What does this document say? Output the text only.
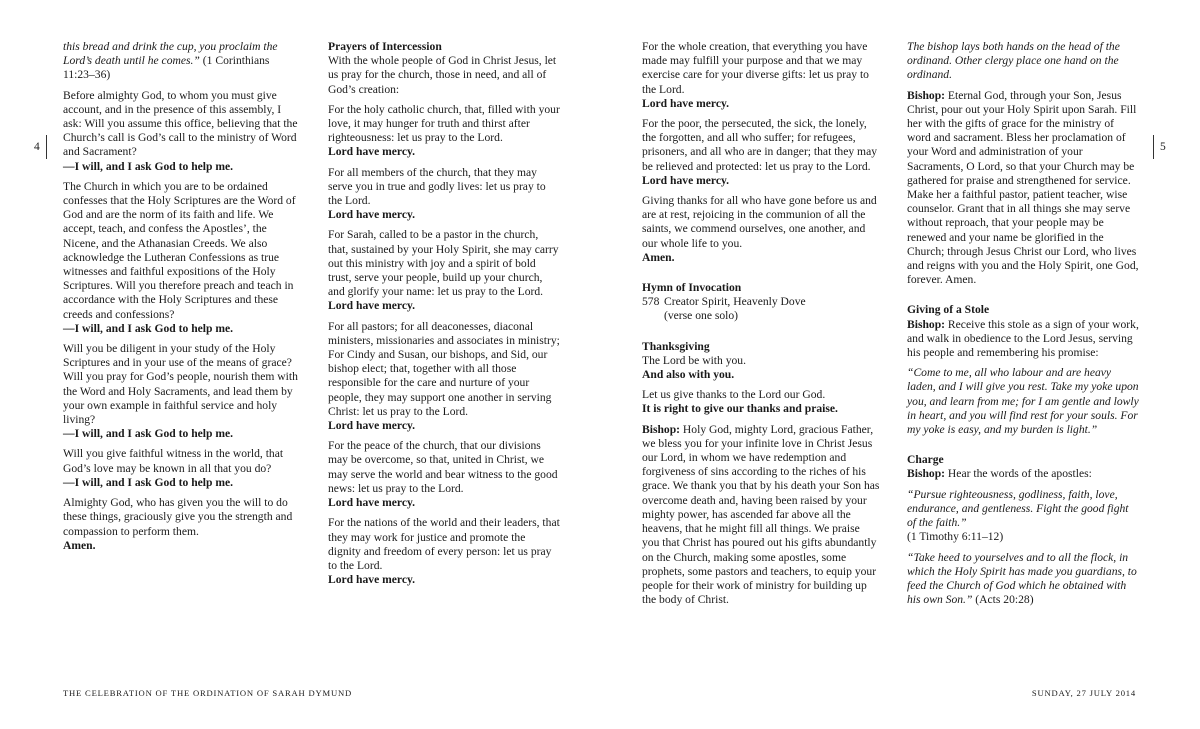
4	5

this bread and drink the cup, you proclaim the Lord’s death until he comes.” (1 Corinthians 11:23–36)

Before almighty God, to whom you must give account, and in the presence of this assembly, I ask: Will you assume this office, believing that the Church’s call is God’s call to the ministry of Word and Sacrament?
—I will, and I ask God to help me.

The Church in which you are to be ordained confesses that the Holy Scriptures are the Word of God and are the norm of its faith and life. We accept, teach, and confess the Apostles’, the Nicene, and the Athanasian Creeds. We also acknowledge the Lutheran Confessions as true witnesses and faithful expositions of the Holy Scriptures. Will you therefore preach and teach in accordance with the Holy Scriptures and these creeds and confessions?
—I will, and I ask God to help me.

Will you be diligent in your study of the Holy Scriptures and in your use of the means of grace? Will you pray for God’s people, nourish them with the Word and Holy Sacraments, and lead them by your own example in faithful service and holy living?
—I will, and I ask God to help me.

Will you give faithful witness in the world, that God’s love may be known in all that you do?
—I will, and I ask God to help me.

Almighty God, who has given you the will to do these things, graciously give you the strength and compassion to perform them.
Amen.

Prayers of Intercession
With the whole people of God in Christ Jesus, let us pray for the church, those in need, and all of God’s creation:

For the holy catholic church, that, filled with your love, it may hunger for truth and thirst after righteousness: let us pray to the Lord.
Lord have mercy.

For all members of the church, that they may serve you in true and godly lives: let us pray to the Lord.
Lord have mercy.

For Sarah, called to be a pastor in the church, that, sustained by your Holy Spirit, she may carry out this ministry with joy and a spirit of bold trust, serve your people, build up your church, and glorify your name: let us pray to the Lord.
Lord have mercy.

For all pastors; for all deaconesses, diaconal ministers, missionaries and associates in ministry; For Cindy and Susan, our bishops, and Sid, our bishop elect; that, together with all those responsible for the care and nurture of your people, they may support one another in serving Christ: let us pray to the Lord.
Lord have mercy.

For the peace of the church, that our divisions may be overcome, so that, united in Christ, we may serve the world and bear witness to the good news: let us pray to the Lord.
Lord have mercy.

For the nations of the world and their leaders, that they may work for justice and promote the dignity and freedom of every person: let us pray to the Lord.
Lord have mercy.

For the whole creation, that everything you have made may fulfill your purpose and that we may exercise care for your diverse gifts: let us pray to the Lord.
Lord have mercy.

For the poor, the persecuted, the sick, the lonely, the forgotten, and all who suffer; for refugees, prisoners, and all who are in danger; that they may be relieved and protected: let us pray to the Lord.
Lord have mercy.

Giving thanks for all who have gone before us and are at rest, rejoicing in the communion of all the saints, we commend ourselves, one another, and our whole life to you.
Amen.

Hymn of Invocation
578 Creator Spirit, Heavenly Dove
(verse one solo)

Thanksgiving
The Lord be with you.
And also with you.

Let us give thanks to the Lord our God.
It is right to give our thanks and praise.

Bishop: Holy God, mighty Lord, gracious Father, we bless you for your infinite love in Christ Jesus our Lord, in whom we have redemption and forgiveness of sins according to the riches of his grace. We thank you that by his death your Son has overcome death and, having been raised by your mighty power, has ascended far above all the heavens, that he might fill all things. We praise you that Christ has poured out his gifts abundantly on the Church, making some apostles, some prophets, some pastors and teachers, to equip your people for their work of ministry for building up the body of Christ.

The bishop lays both hands on the head of the ordinand. Other clergy place one hand on the ordinand.

Bishop: Eternal God, through your Son, Jesus Christ, pour out your Holy Spirit upon Sarah. Fill her with the gifts of grace for the ministry of word and sacrament. Bless her proclamation of your Word and administration of your Sacraments, O Lord, so that your Church may be gathered for praise and strengthened for service. Make her a faithful pastor, patient teacher, wise counselor. Grant that in all things she may serve without reproach, that your people may be renewed and your name be glorified in the Church; through Jesus Christ our Lord, who lives and reigns with you and the Holy Spirit, one God, forever. Amen.

Giving of a Stole
Bishop: Receive this stole as a sign of your work, and walk in obedience to the Lord Jesus, serving his people and remembering his promise:

“Come to me, all who labour and are heavy laden, and I will give you rest. Take my yoke upon you, and learn from me; for I am gentle and lowly in heart, and you will find rest for your souls. For my yoke is easy, and my burden is light.”

Charge
Bishop: Hear the words of the apostles:

“Pursue righteousness, godliness, faith, love, endurance, and gentleness. Fight the good fight of the faith.”
(1 Timothy 6:11–12)

“Take heed to yourselves and to all the flock, in which the Holy Spirit has made you guardians, to feed the Church of God which he obtained with his own Son.” (Acts 20:28)

THE CELEBRATION OF THE ORDINATION OF SARAH DYMUND	SUNDAY, 27 JULY 2014
